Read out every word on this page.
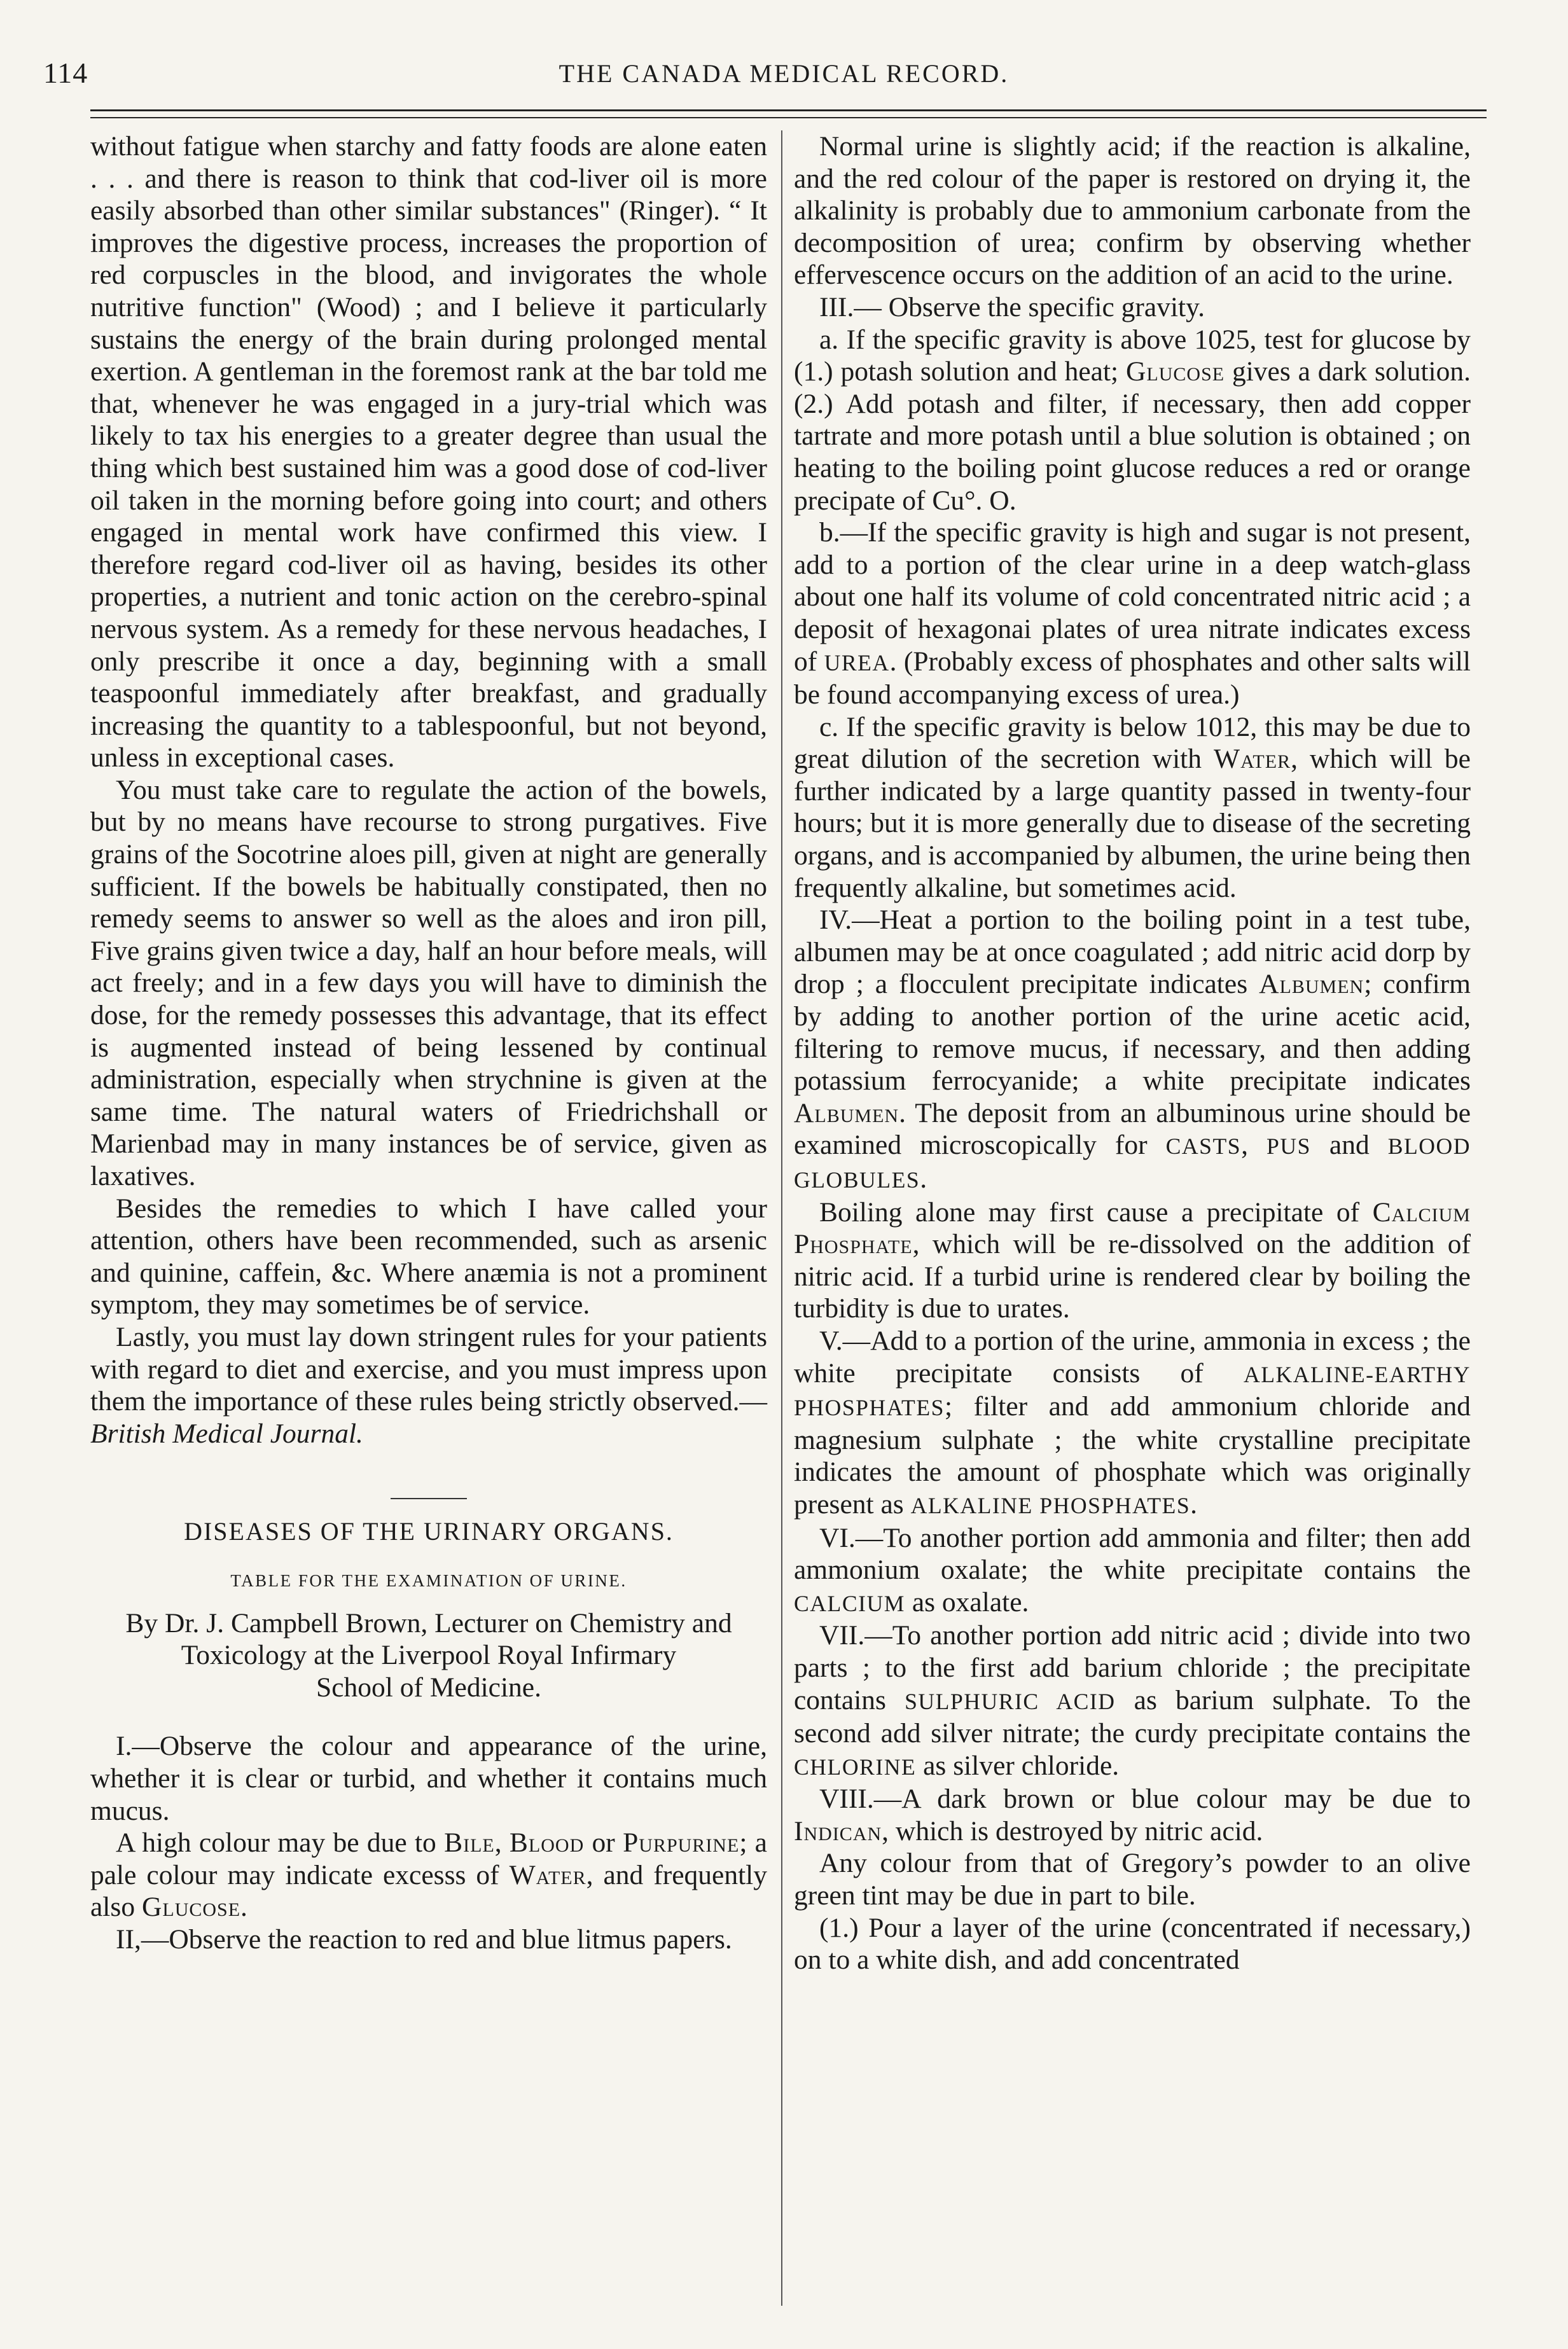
114	THE CANADA MEDICAL RECORD.

without fatigue when starchy and fatty foods are alone eaten . . . and there is reason to think that cod-liver oil is more easily absorbed than other similar substances" (Ringer). “ It improves the digestive process, increases the proportion of red corpuscles in the blood, and invigorates the whole nutritive function" (Wood) ; and I believe it particularly sustains the energy of the brain during prolonged mental exertion. A gentleman in the foremost rank at the bar told me that, whenever he was engaged in a jury-trial which was likely to tax his energies to a greater degree than usual the thing which best sustained him was a good dose of cod-liver oil taken in the morning before going into court; and others engaged in mental work have confirmed this view. I therefore regard cod-liver oil as having, besides its other properties, a nutrient and tonic action on the cerebro-spinal nervous system. As a remedy for these nervous headaches, I only prescribe it once a day, beginning with a small teaspoonful immediately after breakfast, and gradually increasing the quantity to a tablespoonful, but not beyond, unless in exceptional cases.

You must take care to regulate the action of the bowels, but by no means have recourse to strong purgatives. Five grains of the Socotrine aloes pill, given at night are generally sufficient. If the bowels be habitually constipated, then no remedy seems to answer so well as the aloes and iron pill, Five grains given twice a day, half an hour before meals, will act freely; and in a few days you will have to diminish the dose, for the remedy possesses this advantage, that its effect is augmented instead of being lessened by continual administration, especially when strychnine is given at the same time. The natural waters of Friedrichshall or Marienbad may in many instances be of service, given as laxatives.

Besides the remedies to which I have called your attention, others have been recommended, such as arsenic and quinine, caffein, &c. Where anæmia is not a prominent symptom, they may sometimes be of service.

Lastly, you must lay down stringent rules for your patients with regard to diet and exercise, and you must impress upon them the importance of these rules being strictly observed.—British Medical Journal.

DISEASES OF THE URINARY ORGANS.

TABLE FOR THE EXAMINATION OF URINE.

By Dr. J. Campbell Brown, Lecturer on Chemistry and
Toxicology at the Liverpool Royal Infirmary
School of Medicine.

I.—Observe the colour and appearance of the urine, whether it is clear or turbid, and whether it contains much mucus.

A high colour may be due to Bile, Blood or Purpurine; a pale colour may indicate excesss of Water, and frequently also Glucose.

II,—Observe the reaction to red and blue litmus papers.

Normal urine is slightly acid; if the reaction is alkaline, and the red colour of the paper is restored on drying it, the alkalinity is probably due to ammonium carbonate from the decomposition of urea; confirm by observing whether effervescence occurs on the addition of an acid to the urine.

III.— Observe the specific gravity.

a. If the specific gravity is above 1025, test for glucose by (1.) potash solution and heat; Glucose gives a dark solution. (2.) Add potash and filter, if necessary, then add copper tartrate and more potash until a blue solution is obtained ; on heating to the boiling point glucose reduces a red or orange precipate of Cu°. O.

b.—If the specific gravity is high and sugar is not present, add to a portion of the clear urine in a deep watch-glass about one half its volume of cold concentrated nitric acid ; a deposit of hexagonai plates of urea nitrate indicates excess of UREA. (Probably excess of phosphates and other salts will be found accompanying excess of urea.)

c. If the specific gravity is below 1012, this may be due to great dilution of the secretion with Water, which will be further indicated by a large quantity passed in twenty-four hours; but it is more generally due to disease of the secreting organs, and is accompanied by albumen, the urine being then frequently alkaline, but sometimes acid.

IV.—Heat a portion to the boiling point in a test tube, albumen may be at once coagulated ; add nitric acid dorp by drop ; a flocculent precipitate indicates Albumen; confirm by adding to another portion of the urine acetic acid, filtering to remove mucus, if necessary, and then adding potassium ferrocyanide; a white precipitate indicates Albumen. The deposit from an albuminous urine should be examined microscopically for CASTS, PUS and BLOOD GLOBULES.

Boiling alone may first cause a precipitate of Calcium Phosphate, which will be re-dissolved on the addition of nitric acid. If a turbid urine is rendered clear by boiling the turbidity is due to urates.

V.—Add to a portion of the urine, ammonia in excess ; the white precipitate consists of ALKALINE-EARTHY PHOSPHATES; filter and add ammonium chloride and magnesium sulphate ; the white crystalline precipitate indicates the amount of phosphate which was originally present as ALKALINE PHOSPHATES.

VI.—To another portion add ammonia and filter; then add ammonium oxalate; the white precipitate contains the CALCIUM as oxalate.

VII.—To another portion add nitric acid ; divide into two parts ; to the first add barium chloride ; the precipitate contains SULPHURIC ACID as barium sulphate. To the second add silver nitrate; the curdy precipitate contains the CHLORINE as silver chloride.

VIII.—A dark brown or blue colour may be due to Indican, which is destroyed by nitric acid.

Any colour from that of Gregory’s powder to an olive green tint may be due in part to bile.

(1.) Pour a layer of the urine (concentrated if necessary,) on to a white dish, and add concentrated
